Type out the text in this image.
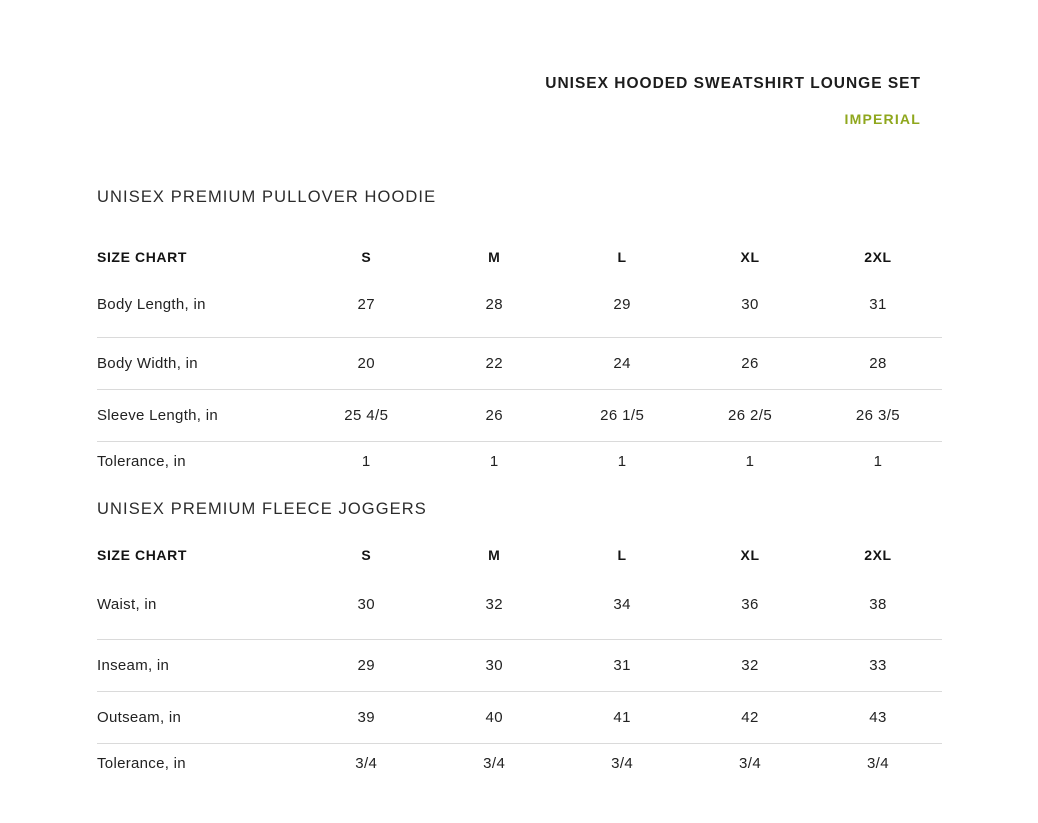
UNISEX HOODED SWEATSHIRT LOUNGE SET
IMPERIAL
UNISEX PREMIUM PULLOVER HOODIE
SIZE CHART	S	M	L	XL	2XL
Body Length, in	27	28	29	30	31
Body Width, in	20	22	24	26	28
Sleeve Length, in	25 4/5	26	26 1/5	26 2/5	26 3/5
Tolerance, in	1	1	1	1	1
UNISEX PREMIUM FLEECE JOGGERS
SIZE CHART	S	M	L	XL	2XL
Waist, in	30	32	34	36	38
Inseam, in	29	30	31	32	33
Outseam, in	39	40	41	42	43
Tolerance, in	3/4	3/4	3/4	3/4	3/4
